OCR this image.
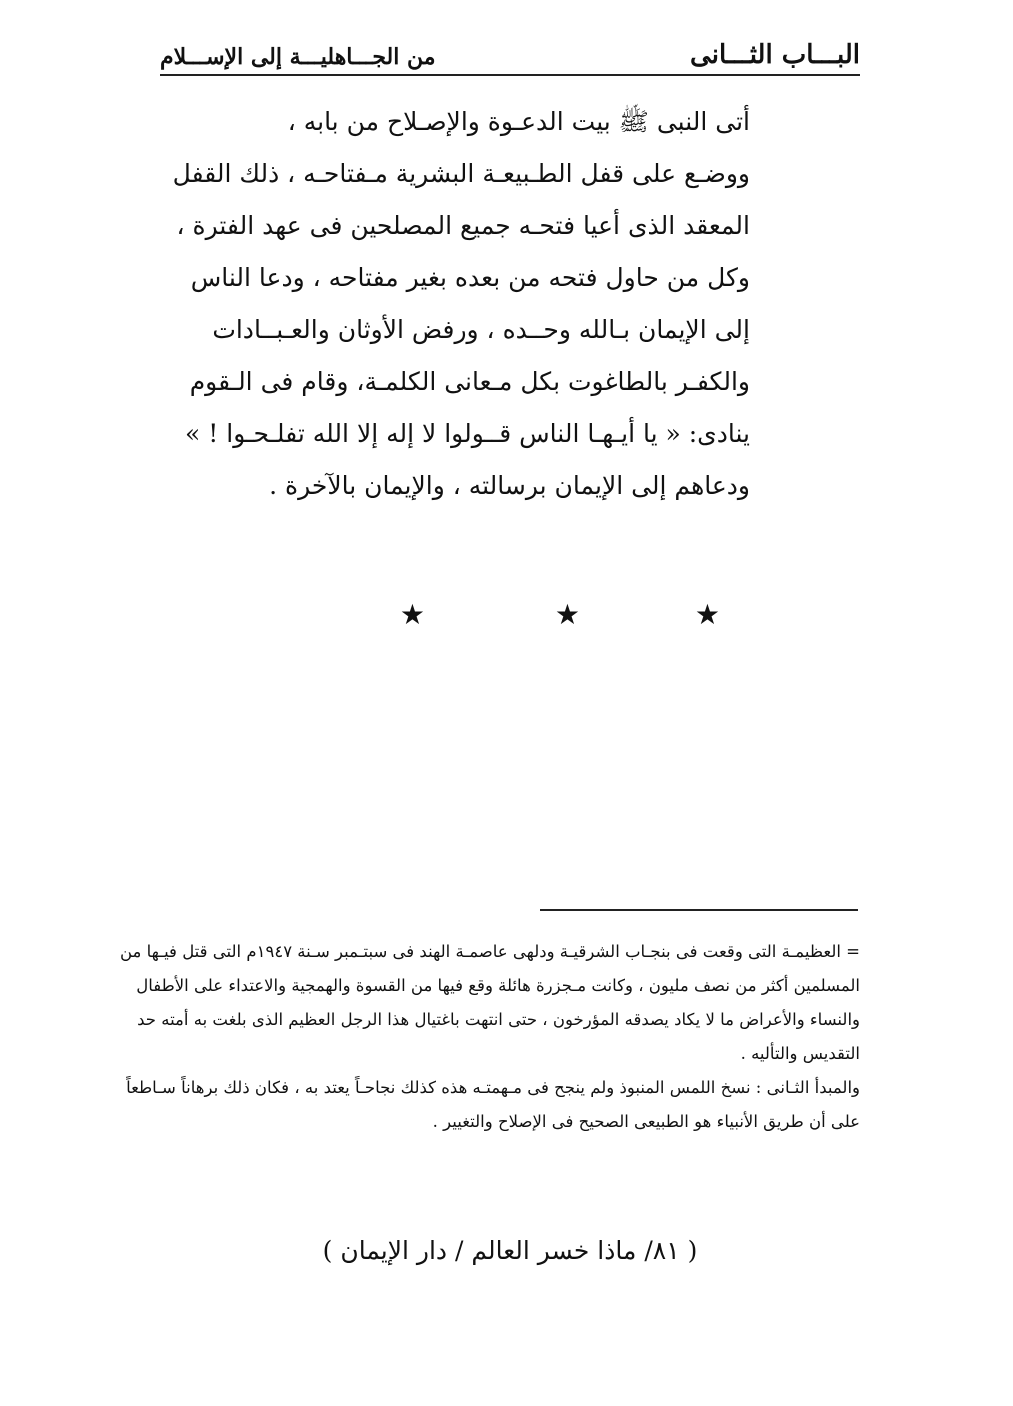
البـــاب الثـــانى
من الجـــاهليـــة إلى الإســـلام

أتى النبى ﷺ بيت الدعـوة والإصـلاح من بابه ،
ووضـع على قفل الطـبيعـة البشرية مـفتاحـه ، ذلك القفل
المعقد الذى أعيا فتحـه جميع المصلحين فى عهد الفترة ،
وكل من حاول فتحه من بعده بغير مفتاحه ، ودعا الناس
إلى الإيمان بـالله وحــده ، ورفض الأوثان والعـبــادات
والكفـر بالطاغوت بكل مـعانى الكلمـة، وقام فى الـقوم
ينادى: « يا أيـهـا الناس قــولوا لا إله إلا الله تفلـحـوا ! »
ودعاهم إلى الإيمان برسالته ، والإيمان بالآخرة .

★
★
★

= العظيمـة التى وقعت فى بنجـاب الشرقيـة ودلهى عاصمـة الهند فى سبتـمبر سـنة ١٩٤٧م التى قتل فيـها من
المسلمين أكثر من نصف مليون ، وكانت مـجزرة هائلة وقع فيها من القسوة والهمجية والاعتداء على الأطفال
والنساء والأعراض ما لا يكاد يصدقه المؤرخون ، حتى انتهت باغتيال هذا الرجل العظيم الذى بلغت به أمته حد
التقديس والتأليه .
والمبدأ الثـانى : نسخ اللمس المنبوذ ولم ينجح فى مـهمتـه هذه كذلك نجاحـاً يعتد به ، فكان ذلك برهاناً سـاطعاً
على أن طريق الأنبياء هو الطبيعى الصحيح فى الإصلاح والتغيير .

( ٨١/ ماذا خسر العالم / دار الإيمان )
